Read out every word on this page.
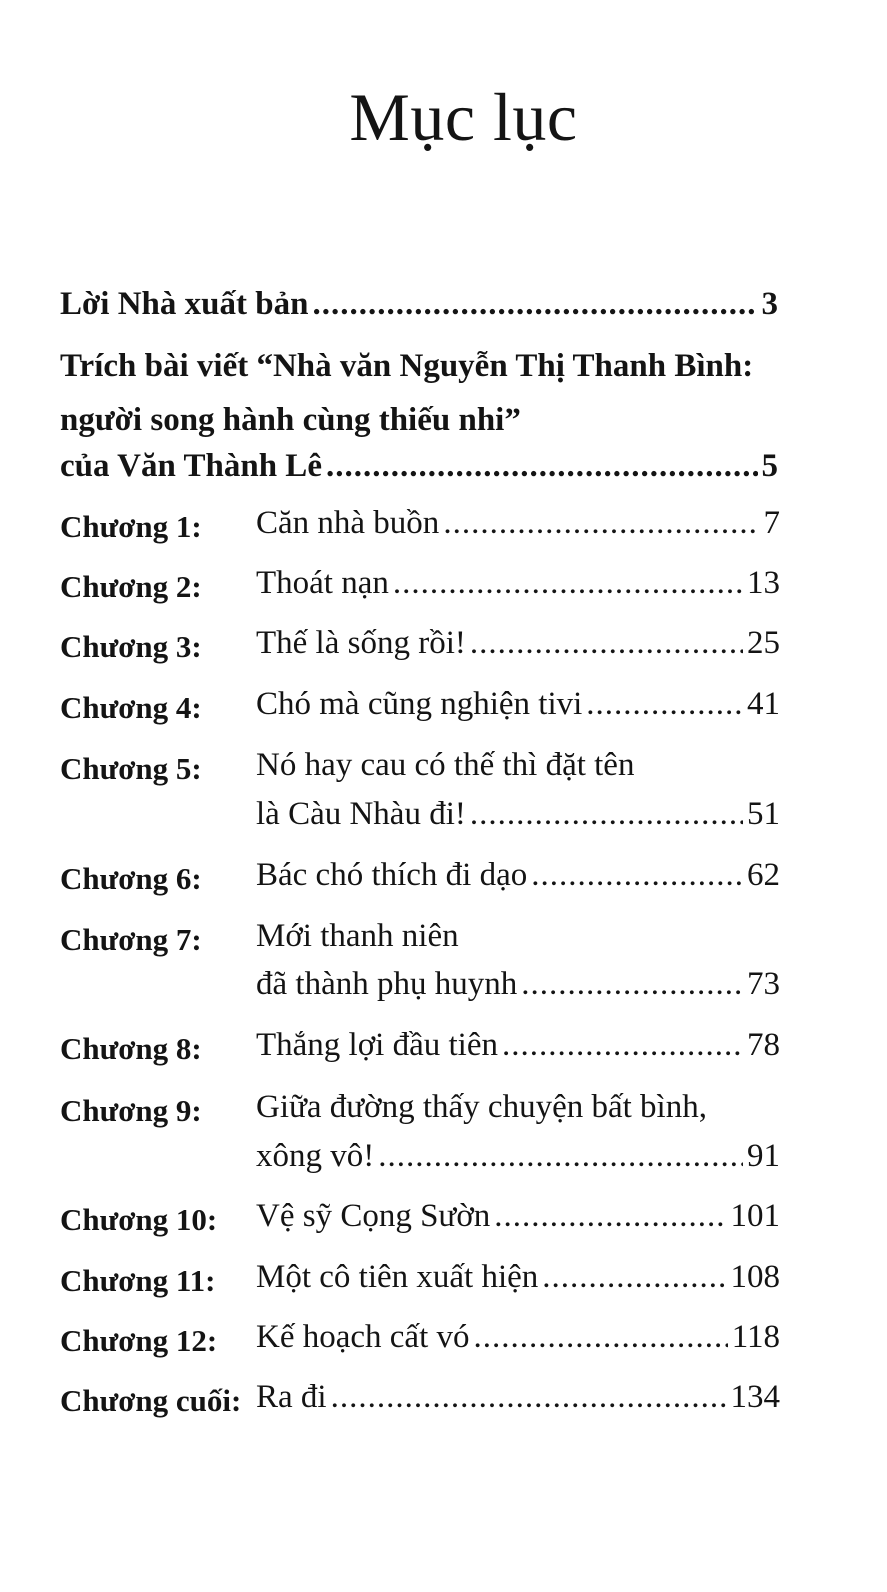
Mục lục
Lời Nhà xuất bản .....	3
Trích bài viết “Nhà văn Nguyễn Thị Thanh Bình:
người song hành cùng thiếu nhi”
của Văn Thành Lê .....	5
Chương 1: Căn nhà buồn .....	7
Chương 2: Thoát nạn .....	13
Chương 3: Thế là sống rồi! .....	25
Chương 4: Chó mà cũng nghiện tivi .....	41
Chương 5: Nó hay cau có thế thì đặt tên
là Càu Nhàu đi! .....	51
Chương 6: Bác chó thích đi dạo .....	62
Chương 7: Mới thanh niên
đã thành phụ huynh .....	73
Chương 8: Thắng lợi đầu tiên .....	78
Chương 9: Giữa đường thấy chuyện bất bình,
xông vô! .....	91
Chương 10: Vệ sỹ Cọng Sườn .....	101
Chương 11: Một cô tiên xuất hiện .....	108
Chương 12: Kế hoạch cất vó .....	118
Chương cuối: Ra đi .....	134
